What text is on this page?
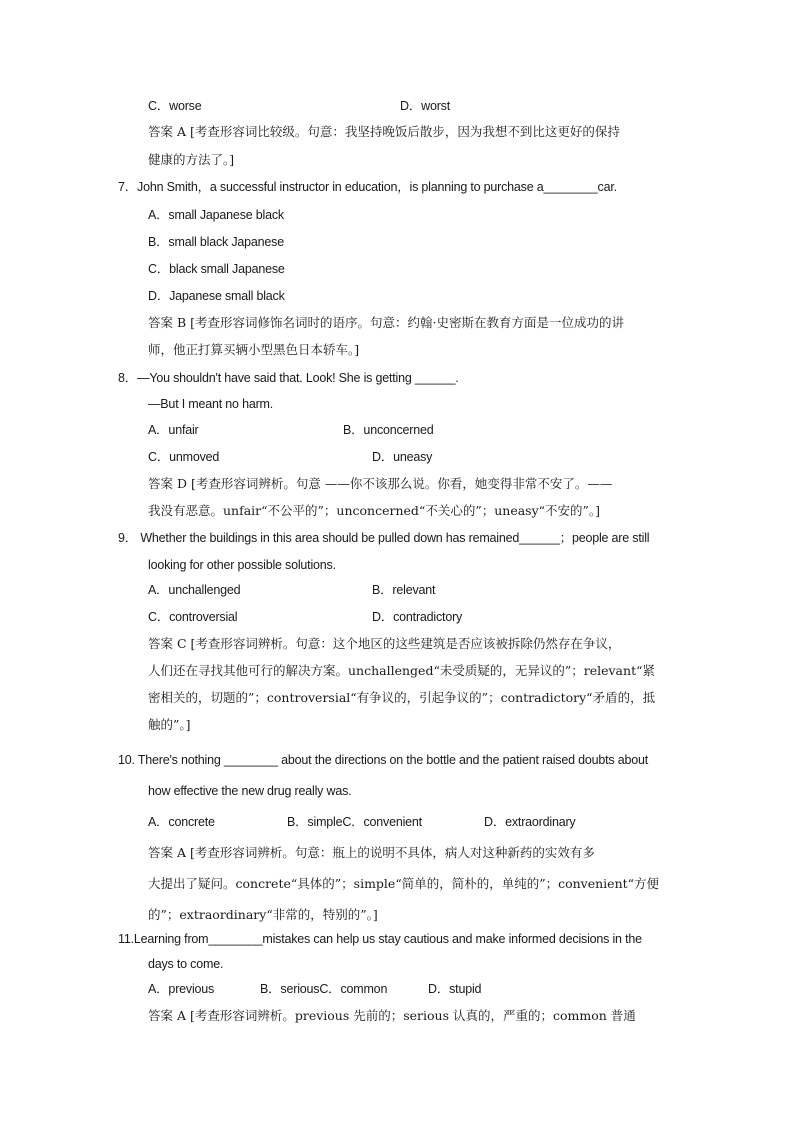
C．worse	D．worst
答案 A [考查形容词比较级。句意：我坚持晚饭后散步，因为我想不到比这更好的保持
健康的方法了。]
7．John Smith，a successful instructor in education，is planning to purchase a________car.
A．small Japanese black
B．small black Japanese
C．black small Japanese
D．Japanese small black
答案 B [考查形容词修饰名词时的语序。句意：约翰·史密斯在教育方面是一位成功的讲
师，他正打算买辆小型黑色日本轿车。]
8．—You shouldn't have said that. Look! She is getting ______.
—But I meant no harm.
A．unfair	B．unconcerned
C．unmoved	D．uneasy
答案 D [考查形容词辨析。句意 ——你不该那么说。你看，她变得非常不安了。——
我没有恶意。unfair“不公平的”；unconcerned“不关心的”；uneasy“不安的”。]
9． Whether the buildings in this area should be pulled down has remained______；people are still
looking for other possible solutions.
A．unchallenged	B．relevant
C．controversial	D．contradictory
答案 C [考查形容词辨析。句意：这个地区的这些建筑是否应该被拆除仍然存在争议，
人们还在寻找其他可行的解决方案。unchallenged“未受质疑的，无异议的”；relevant“紧
密相关的，切题的”；controversial“有争议的，引起争议的”；contradictory“矛盾的，抵
触的”。]
10. There's nothing ________ about the directions on the bottle and the patient raised doubts about
how effective the new drug really was.
A．concrete	B．simpleC．convenient	D．extraordinary
答案 A [考查形容词辨析。句意：瓶上的说明不具体，病人对这种新药的实效有多
大提出了疑问。concrete“具体的”；simple“简单的，简朴的，单纯的”；convenient“方便
的”；extraordinary“非常的，特别的”。]
11.Learning from________mistakes can help us stay cautious and make informed decisions in the
days to come.
A．previous	B．seriousC．common	D．stupid
答案 A [考查形容词辨析。previous 先前的；serious 认真的，严重的；common 普通
